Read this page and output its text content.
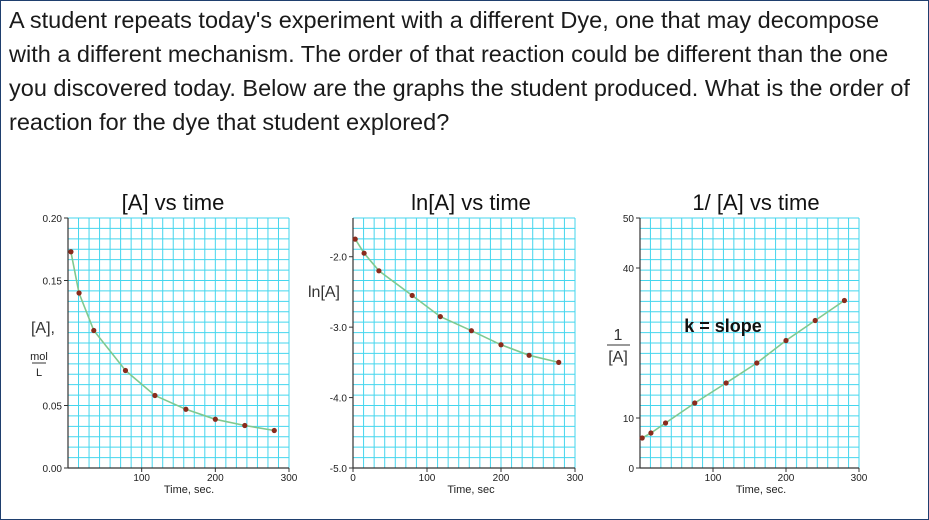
A student repeats today's experiment with a different Dye, one that may decompose with a different mechanism. The order of that reaction could be different than the one you discovered today. Below are the graphs the student produced. What is the order of reaction for the dye that student explored?

[A] vs time
100	200	300
0.00
0.05
0.15
0.20
[A],
mol
L
Time, sec.
ln[A] vs time
0	100	200	300
-2.0
-3.0
-4.0
-5.0
ln[A]
Time, sec
1/ [A] vs time
100	200	300
0
10
40
50
1
[A]
k = slope
Time, sec.
